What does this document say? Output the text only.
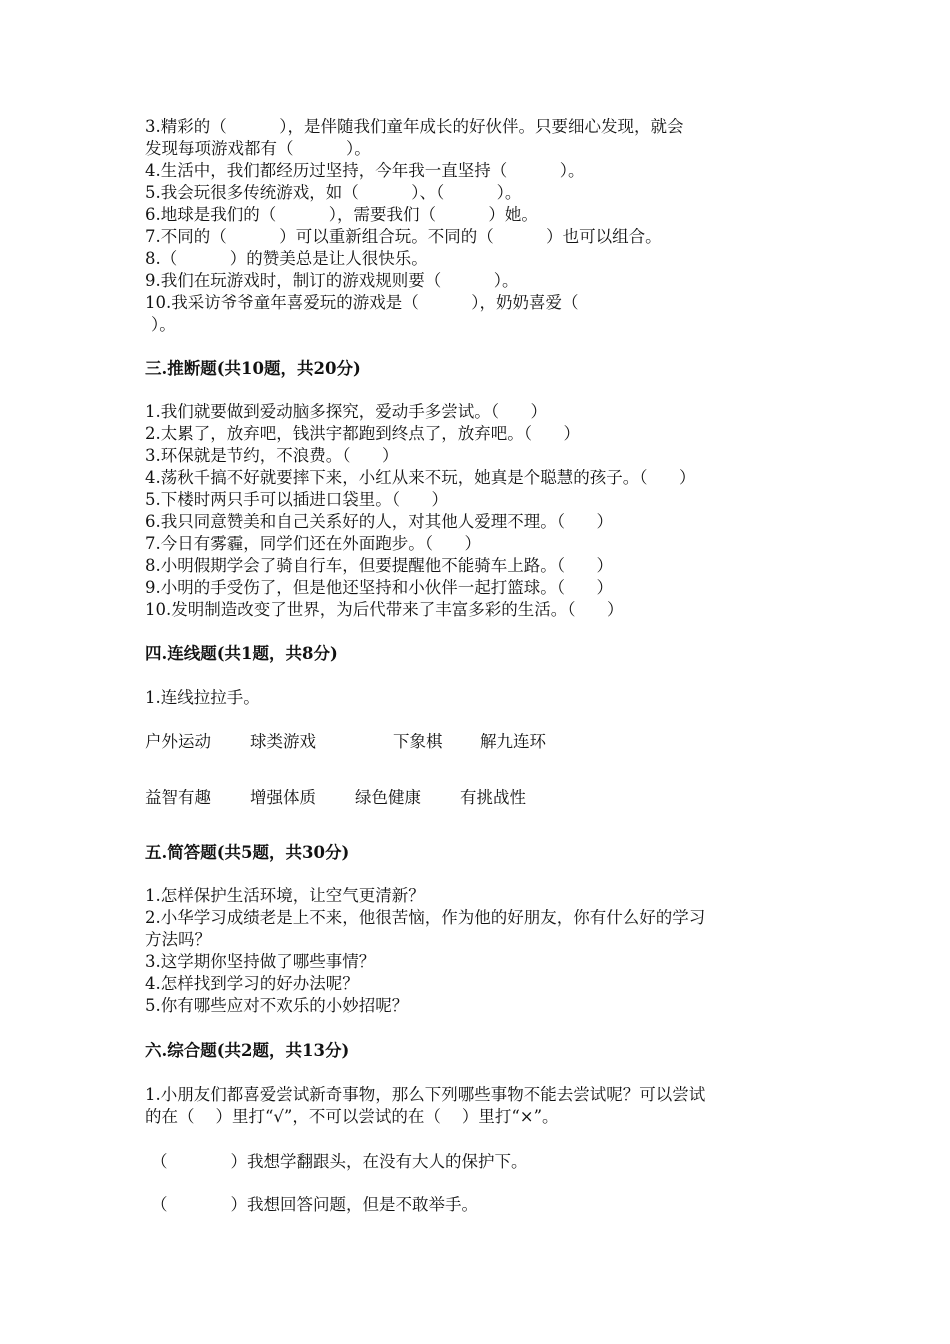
3.精彩的（          ），是伴随我们童年成长的好伙伴。只要细心发现，就会
发现每项游戏都有（          ）。
4.生活中，我们都经历过坚持，今年我一直坚持（          ）。
5.我会玩很多传统游戏，如（          ）、（          ）。
6.地球是我们的（          ），需要我们（          ）她。
7.不同的（          ）可以重新组合玩。不同的（          ）也可以组合。
8.（          ）的赞美总是让人很快乐。
9.我们在玩游戏时，制订的游戏规则要（          ）。
10.我采访爷爷童年喜爱玩的游戏是（          ），奶奶喜爱（
）。
三.推断题(共10题，共20分)
1.我们就要做到爱动脑多探究，爱动手多尝试。（      ）
2.太累了，放弃吧，钱洪宇都跑到终点了，放弃吧。（      ）
3.环保就是节约，不浪费。（      ）
4.荡秋千搞不好就要摔下来，小红从来不玩，她真是个聪慧的孩子。（      ）
5.下楼时两只手可以插进口袋里。（      ）
6.我只同意赞美和自己关系好的人，对其他人爱理不理。（      ）
7.今日有雾霾，同学们还在外面跑步。（      ）
8.小明假期学会了骑自行车，但要提醒他不能骑车上路。（      ）
9.小明的手受伤了，但是他还坚持和小伙伴一起打篮球。（      ）
10.发明制造改变了世界，为后代带来了丰富多彩的生活。（      ）
四.连线题(共1题，共8分)
1.连线拉拉手。
户外运动 球类游戏	下象棋 解九连环
益智有趣 增强体质 绿色健康 有挑战性
五.简答题(共5题，共30分)
1.怎样保护生活环境，让空气更清新？
2.小华学习成绩老是上不来，他很苦恼，作为他的好朋友，你有什么好的学习
方法吗？
3.这学期你坚持做了哪些事情？
4.怎样找到学习的好办法呢？
5.你有哪些应对不欢乐的小妙招呢？
六.综合题(共2题，共13分)
1.小朋友们都喜爱尝试新奇事物，那么下列哪些事物不能去尝试呢？可以尝试
的在（    ）里打“√”，不可以尝试的在（    ）里打“×”。
（            ）我想学翻跟头，在没有大人的保护下。
（            ）我想回答问题，但是不敢举手。
